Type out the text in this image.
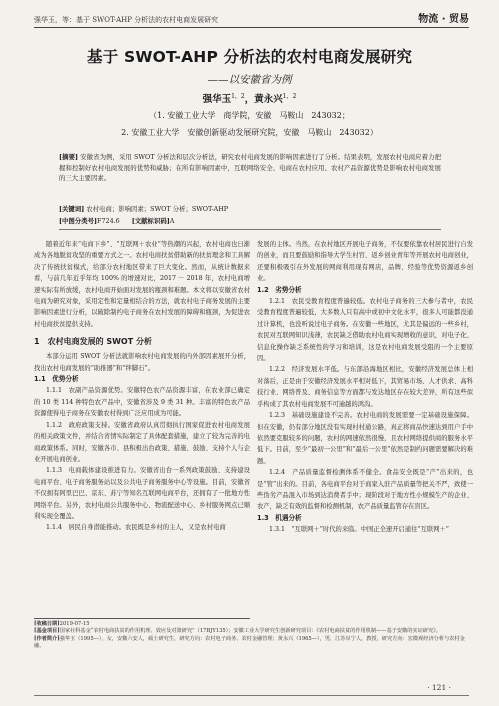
强华玉，等：基于 SWOT-AHP 分析法的农村电商发展研究	物流 · 贸易
基于 SWOT-AHP 分析法的农村电商发展研究
——以安徽省为例
强华玉$^{1,2}$，黄永兴$^{1,2}$
（1. 安徽工业大学　商学院，安徽　马鞍山　243032；
2. 安徽工业大学　安徽创新驱动发展研究院，安徽　马鞍山　243032）
[摘要] 安徽省为例，采用 SWOT 分析法和层次分析法，研究农村电商发展的影响因素进行了分析。结果表明，发展农村电商应着力把握和控制好农村电商发展的优势和威胁；在所有影响因素中，互联网络安全、电商在农村应用、农村产品资源优势是影响农村电商发展的三大主要因素。
[关键词] 农村电商；影响因素；SWOT 分析；SWOT-AHP
[中图分类号]F724.6 [文献标识码]A

随着近年来“电商下乡”、“互联网＋农业”等热潮的兴起，农村电商也日渐成为各地脱贫攻坚的重要方式之一。农村电商扶贫借助新的扶贫理念和工具解决了传统扶贫模式，给部分农村地区带来了巨大变化。然而，从统计数据来看，与前几年近乎年均 100% 的增速对比，2017 － 2018 年，农村电商增速实际有所放缓，农村电商开始面对发展的瓶颈和难题。本文将以安徽省农村电商为研究对象，采用定性和定量相结合的方法，就农村电子商务发展的主要影响因素进行分析，以破除制约电子商务在农村发展的障碍和瓶颈，为促进农村电商扶贫提供支持。

1　农村电商发展的 SWOT 分析

本部分运用 SWOT 分析法就影响农村电商发展的内外部因素展开分析，找出农村电商发展的“助推器”和“绊脚石”。

1.1　优势分析

1.1.1　农副产品资源优势。安徽特色农产品资源丰富，在农业部已确定的 10 类 114 种特色农产品中，安徽省涉及 9 类 31 种。丰富的特色农产品资源使得电子商务在安徽农村得到广泛应用成为可能。

1.1.2　政府政策支持。安徽省政府认真贯彻执行国家促进农村电商发展的相关政策文件，并结合省情实际制定了具体配套措施，建立了较为完善的电商政策体系。同时，安徽各市、县积极出台政策、措施、鼓励、支持个人与企业开展电商创业。

1.1.3　电商载体建设推进有力。安徽省出台一系列政策鼓励、支持建设电商平台、电子商务服务站以及公共电子商务服务中心等设施。目前，安徽省不仅拥有阿里巴巴、京东、苏宁等知名互联网电商平台，还拥有了一批地方性网络平台。另外，农村电商公共服务中心、物流配送中心、乡村服务网点已顺利实现全覆盖。

1.1.4　居民自身潜能推动。农民既是乡村的主人，又是农村电商

发展的主体。当然，在农村地区开展电子商务，不仅要依靠农村居民进行自发的创业，而且要鼓励和指导大学生村官、返乡创业青年等开展农村电商创业，还要积极吸引在外发展的网商利用现有网店，品牌、经验等优势资源返乡创业。

1.2　劣势分析

1.2.1　农民受教育程度普遍较低。农村电子商务的三大参与者中，农民受教育程度普遍较低，大多数人只有高中或初中文化水平，很多人可能都没通过计算机，也没听说过电子商务。在安徽一些地区，尤其是偏远的一些乡村，农民对互联网知识浅薄，农民缺乏借助农村电商实现增收的意识，对电子化、信息化操作缺乏系统性的学习和培训，这是农村电商发展受阻的一个主要原因。

1.2.2　经济发展水平低。与东部沿海地区相比，安徽经济发展总体上相对落后，正是由于安徽经济发展水平相对低下，其贸易市场、人才供求、高科技行业、网络普及、商务信息等方面都与发达地区存在较大差异，所有这些似乎构成了其农村电商发展不可逾越的鸿沟。

1.2.3　基础设施建设不完善。农村电商的发展需要一定基础设施保障。但在安徽，仍有部分地区没有实现村村通公路，真正将商品快速达到用户手中依然要克服较多的问题，农村的网速依然很慢，且农村网络提供商的服务水平低下。目前，至少“最初一公里”和“最后一公里”依然是制约问题需要解决的难题。

1.2.4　产品质量监督检测体系不健全。食品安全既是“产”出来的，也是“管”出来的。目前，各电商平台对于商家入驻产品质量等把关不严，致使一些伪劣产品混入市场到达消费者手中；现阶段对于地方性小规模生产的企业、农产，缺乏有效的监督和检测机制，农产品质量监管存在盲区。

1.3　机遇分析

1.3.1　“互联网＋”时代的来临。中国正全速开启通往“互联网＋”

[收稿日期]2019-07-15
[基金项目]国家社科基金“农村电商扶贫的作用机理、效应及对策研究”（17BJY135）；安徽工业大学研究生创新研究项目：《农村电商扶贫的作用机制——基于安徽的实证研究》。
[作者简介]强华玉（1995—），女，安徽六安人，硕士研究生，研究方向：农村电子商务、农村金融管理；黄永兴（1965—），男，江苏阜宁人，教授，研究方向：宏微观经济分析与农村金融。
· 121 ·
